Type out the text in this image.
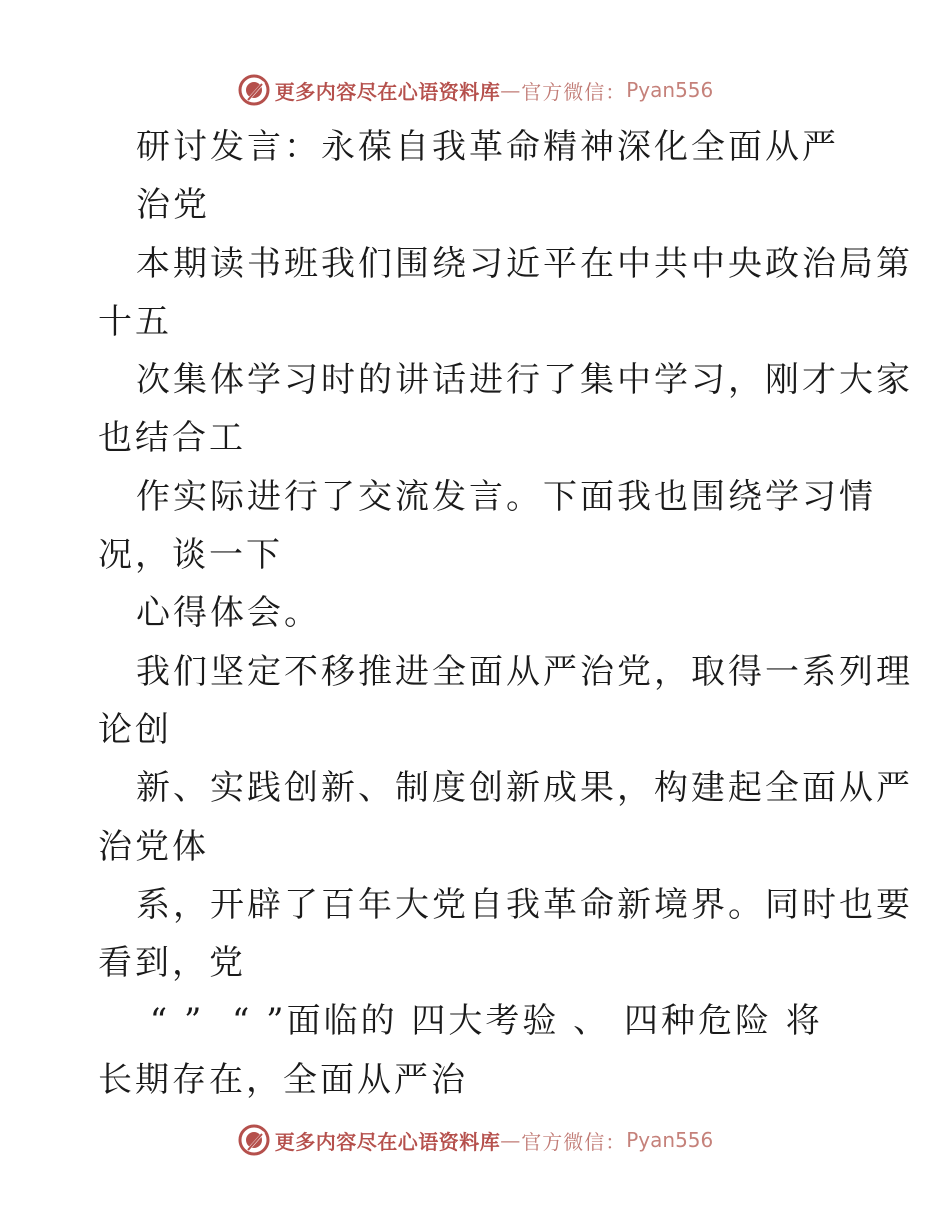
更多内容尽在心语资料库 — 官方微信： Pyan556
研讨发言：永葆自我革命精神深化全面从严
治党
本期读书班我们围绕习近平在中共中央政治局第
十五
次集体学习时的讲话进行了集中学习，刚才大家
也结合工
作实际进行了交流发言。下面我也围绕学习情
况，谈一下
心得体会。
我们坚定不移推进全面从严治党，取得一系列理
论创
新、实践创新、制度创新成果，构建起全面从严
治党体
系，开辟了百年大党自我革命新境界。同时也要
看到，党
“ ”  “ ”面临的 四大考验 、 四种危险 将
长期存在，全面从严治
更多内容尽在心语资料库 — 官方微信： Pyan556
